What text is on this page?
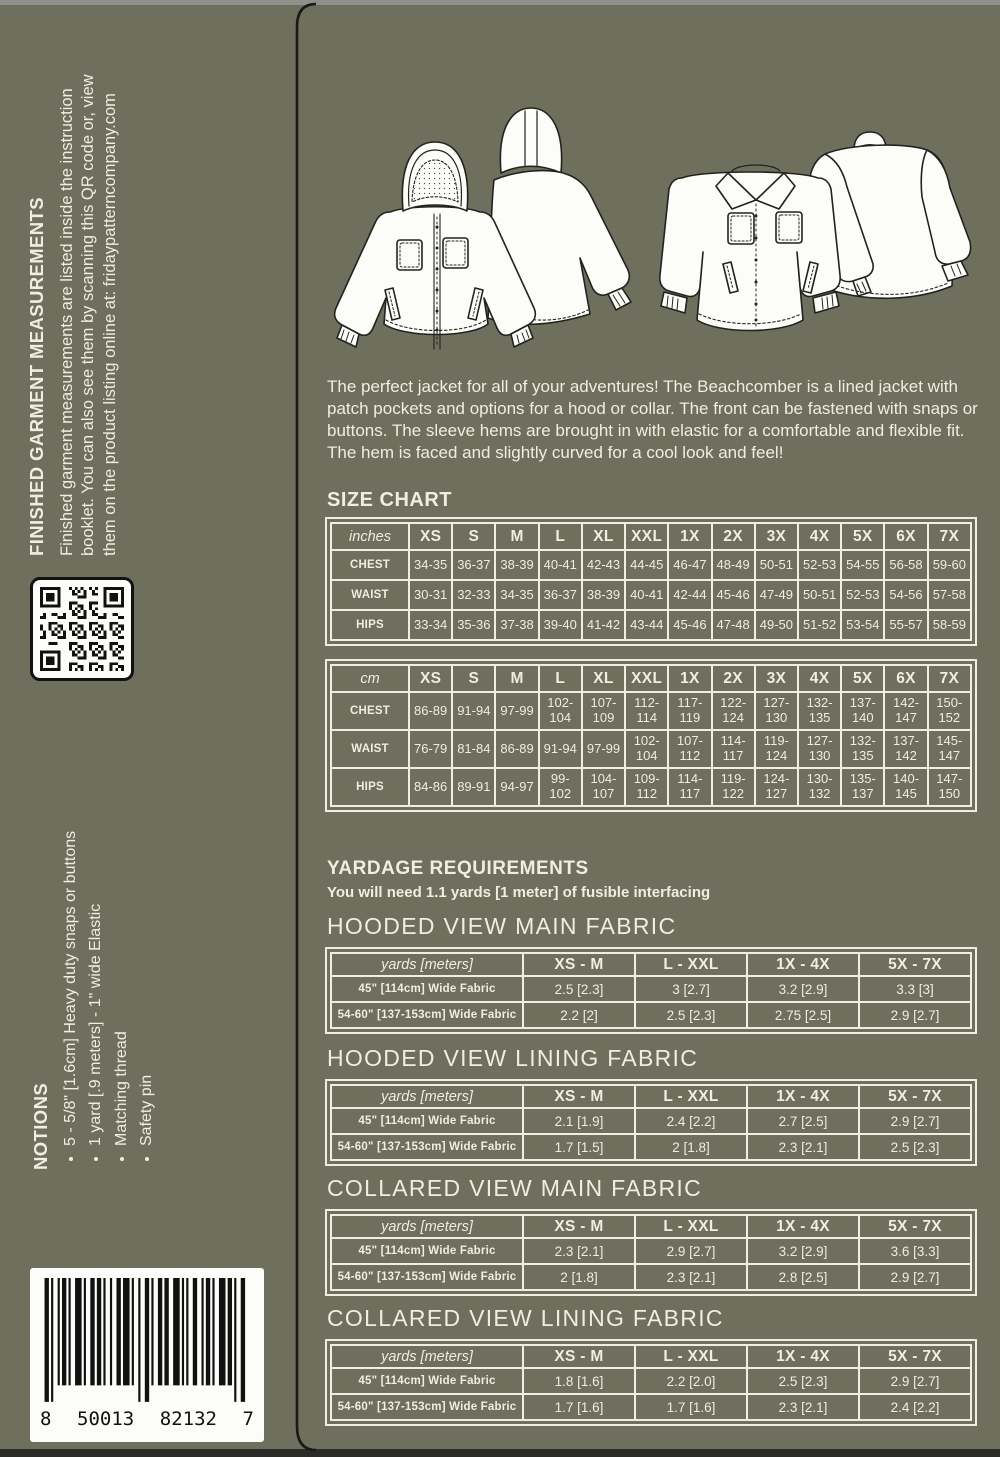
FINISHED GARMENT MEASUREMENTS Finished garment measurements are listed inside the instruction booklet. You can also see them by scanning this QR code or, view them on the product listing online at: fridaypatterncompany.com

NOTIONS • 5 - 5/8" [1.6cm] Heavy duty snaps or buttons • 1 yard [.9 meters] - 1" wide Elastic • Matching thread • Safety pin
8 50013 82132 7

The perfect jacket for all of your adventures! The Beachcomber is a lined jacket with patch pockets and options for a hood or collar. The front can be fastened with snaps or buttons. The sleeve hems are brought in with elastic for a comfortable and flexible fit. The hem is faced and slightly curved for a cool look and feel!

SIZE CHART
inches	XS	S	M	L	XL	XXL	1X	2X	3X	4X	5X	6X	7X
CHEST	34-35	36-37	38-39	40-41	42-43	44-45	46-47	48-49	50-51	52-53	54-55	56-58	59-60
WAIST	30-31	32-33	34-35	36-37	38-39	40-41	42-44	45-46	47-49	50-51	52-53	54-56	57-58
HIPS	33-34	35-36	37-38	39-40	41-42	43-44	45-46	47-48	49-50	51-52	53-54	55-57	58-59
cm	XS	S	M	L	XL	XXL	1X	2X	3X	4X	5X	6X	7X
CHEST	86-89	91-94	97-99	102-104	107-109	112-114	117-119	122-124	127-130	132-135	137-140	142-147	150-152
WAIST	76-79	81-84	86-89	91-94	97-99	102-104	107-112	114-117	119-124	127-130	132-135	137-142	145-147
HIPS	84-86	89-91	94-97	99-102	104-107	109-112	114-117	119-122	124-127	130-132	135-137	140-145	147-150
YARDAGE REQUIREMENTS
You will need 1.1 yards [1 meter] of fusible interfacing
HOODED VIEW MAIN FABRIC
yards [meters]	XS - M	L - XXL	1X - 4X	5X - 7X
45" [114cm] Wide Fabric	2.5 [2.3]	3 [2.7]	3.2 [2.9]	3.3 [3]
54-60" [137-153cm] Wide Fabric	2.2 [2]	2.5 [2.3]	2.75 [2.5]	2.9 [2.7]
HOODED VIEW LINING FABRIC
yards [meters]	XS - M	L - XXL	1X - 4X	5X - 7X
45" [114cm] Wide Fabric	2.1 [1.9]	2.4 [2.2]	2.7 [2.5]	2.9 [2.7]
54-60" [137-153cm] Wide Fabric	1.7 [1.5]	2 [1.8]	2.3 [2.1]	2.5 [2.3]
COLLARED VIEW MAIN FABRIC
yards [meters]	XS - M	L - XXL	1X - 4X	5X - 7X
45" [114cm] Wide Fabric	2.3 [2.1]	2.9 [2.7]	3.2 [2.9]	3.6 [3.3]
54-60" [137-153cm] Wide Fabric	2 [1.8]	2.3 [2.1]	2.8 [2.5]	2.9 [2.7]
COLLARED VIEW LINING FABRIC
yards [meters]	XS - M	L - XXL	1X - 4X	5X - 7X
45" [114cm] Wide Fabric	1.8 [1.6]	2.2 [2.0]	2.5 [2.3]	2.9 [2.7]
54-60" [137-153cm] Wide Fabric	1.7 [1.6]	1.7 [1.6]	2.3 [2.1]	2.4 [2.2]
